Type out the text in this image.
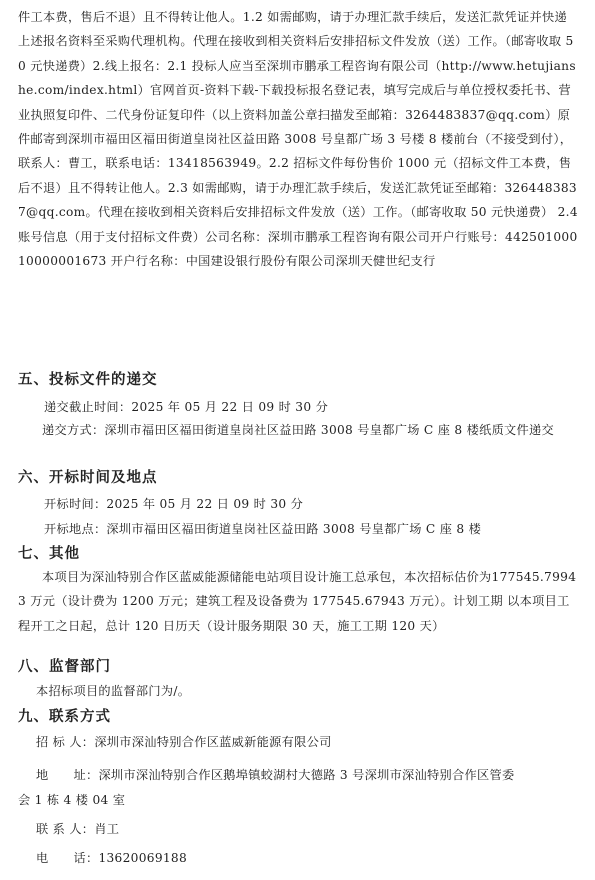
件工本费，售后不退）且不得转让他人。1.2 如需邮购，请于办理汇款手续后，发送汇款凭证并快递上述报名资料至采购代理机构。代理在接收到相关资料后安排招标文件发放（送）工作。（邮寄收取 50 元快递费）2.线上报名：2.1 投标人应当至深圳市鹏承工程咨询有限公司（http://www.hetujianshe.com/index.html）官网首页-资料下载-下载投标报名登记表，填写完成后与单位授权委托书、营业执照复印件、二代身份证复印件（以上资料加盖公章扫描发至邮箱：3264483837@qq.com）原件邮寄到深圳市福田区福田街道皇岗社区益田路 3008 号皇都广场 3 号楼 8 楼前台（不接受到付），联系人：曹工，联系电话：13418563949。2.2 招标文件每份售价 1000 元（招标文件工本费，售后不退）且不得转让他人。2.3 如需邮购，请于办理汇款手续后，发送汇款凭证至邮箱：3264483837@qq.com。代理在接收到相关资料后安排招标文件发放（送）工作。（邮寄收取 50 元快递费） 2.4 账号信息（用于支付招标文件费）公司名称：深圳市鹏承工程咨询有限公司开户行账号：44250100010000001673 开户行名称：中国建设银行股份有限公司深圳天健世纪支行
五、投标文件的递交
递交截止时间：2025 年 05 月 22 日 09 时 30 分
递交方式：深圳市福田区福田街道皇岗社区益田路 3008 号皇都广场 C 座 8 楼纸质文件递交
六、开标时间及地点
开标时间：2025 年 05 月 22 日 09 时 30 分
开标地点：深圳市福田区福田街道皇岗社区益田路 3008 号皇都广场 C 座 8 楼
七、其他
本项目为深汕特别合作区蓝威能源储能电站项目设计施工总承包，本次招标估价为177545.79943 万元（设计费为 1200 万元；建筑工程及设备费为 177545.67943 万元）。计划工期 以本项目工程开工之日起，总计 120 日历天（设计服务期限 30 天，施工工期 120 天）
八、监督部门
本招标项目的监督部门为/。
九、联系方式
招 标 人：深圳市深汕特别合作区蓝威新能源有限公司
地　　址：深圳市深汕特别合作区鹅埠镇蛟湖村大德路 3 号深圳市深汕特别合作区管委
会 1 栋 4 楼 04 室
联 系 人：肖工
电　　话：13620069188
